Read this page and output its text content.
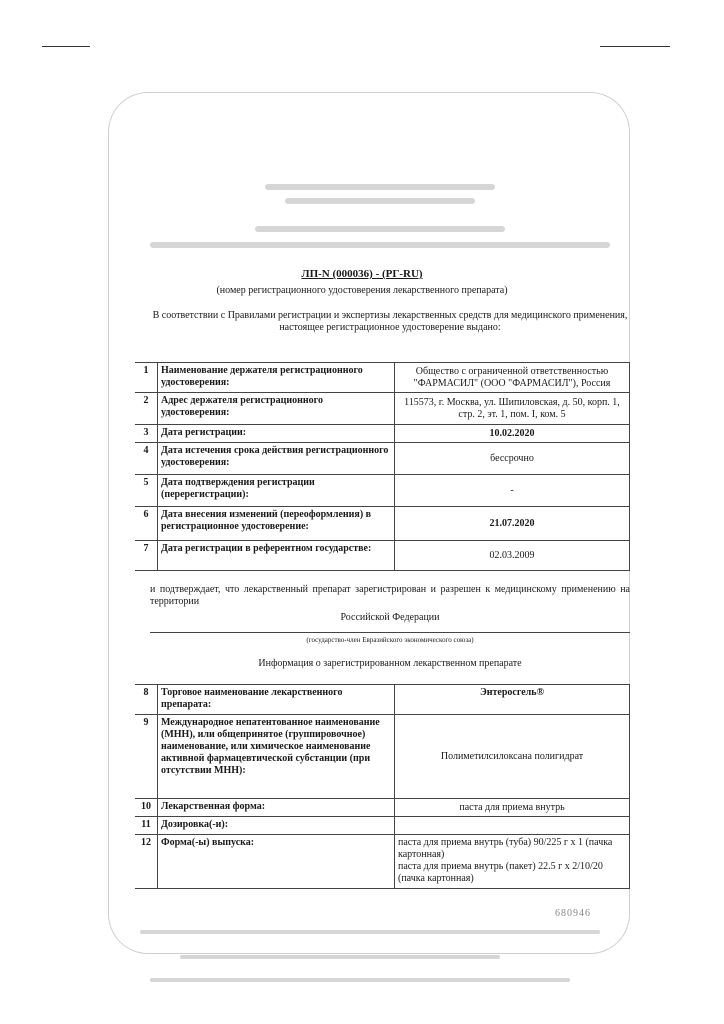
ЛП-N (000036) - (РГ-RU)
(номер регистрационного удостоверения лекарственного препарата)
В соответствии с Правилами регистрации и экспертизы лекарственных средств для медицинского применения, настоящее регистрационное удостоверение выдано:
1	Наименование держателя регистрационного удостоверения:	Общество с ограниченной ответственностью "ФАРМАСИЛ" (ООО "ФАРМАСИЛ"), Россия
2	Адрес держателя регистрационного удостоверения:	115573, г. Москва, ул. Шипиловская, д. 50, корп. 1, стр. 2, эт. 1, пом. I, ком. 5
3	Дата регистрации:	10.02.2020
4	Дата истечения срока действия регистрационного удостоверения:	бессрочно
5	Дата подтверждения регистрации (перерегистрации):	-
6	Дата внесения изменений (переоформления) в регистрационное удостоверение:	21.07.2020
7	Дата регистрации в референтном государстве:	02.03.2009
и подтверждает, что лекарственный препарат зарегистрирован и разрешен к медицинскому применению на территории
Российской Федерации
(государство-член Евразийского экономического союза)
Информация о зарегистрированном лекарственном препарате
8	Торговое наименование лекарственного препарата:	Энтеросгель®
9	Международное непатентованное наименование (МНН), или общепринятое (группировочное) наименование, или химическое наименование активной фармацевтической субстанции (при отсутствии МНН):	Полиметилсилоксана полигидрат
10	Лекарственная форма:	паста для приема внутрь
11	Дозировка(-и):	
12	Форма(-ы) выпуска:	паста для приема внутрь (туба) 90/225 г х 1 (пачка картонная)
паста для приема внутрь (пакет) 22.5 г х 2/10/20 (пачка картонная)
680946
